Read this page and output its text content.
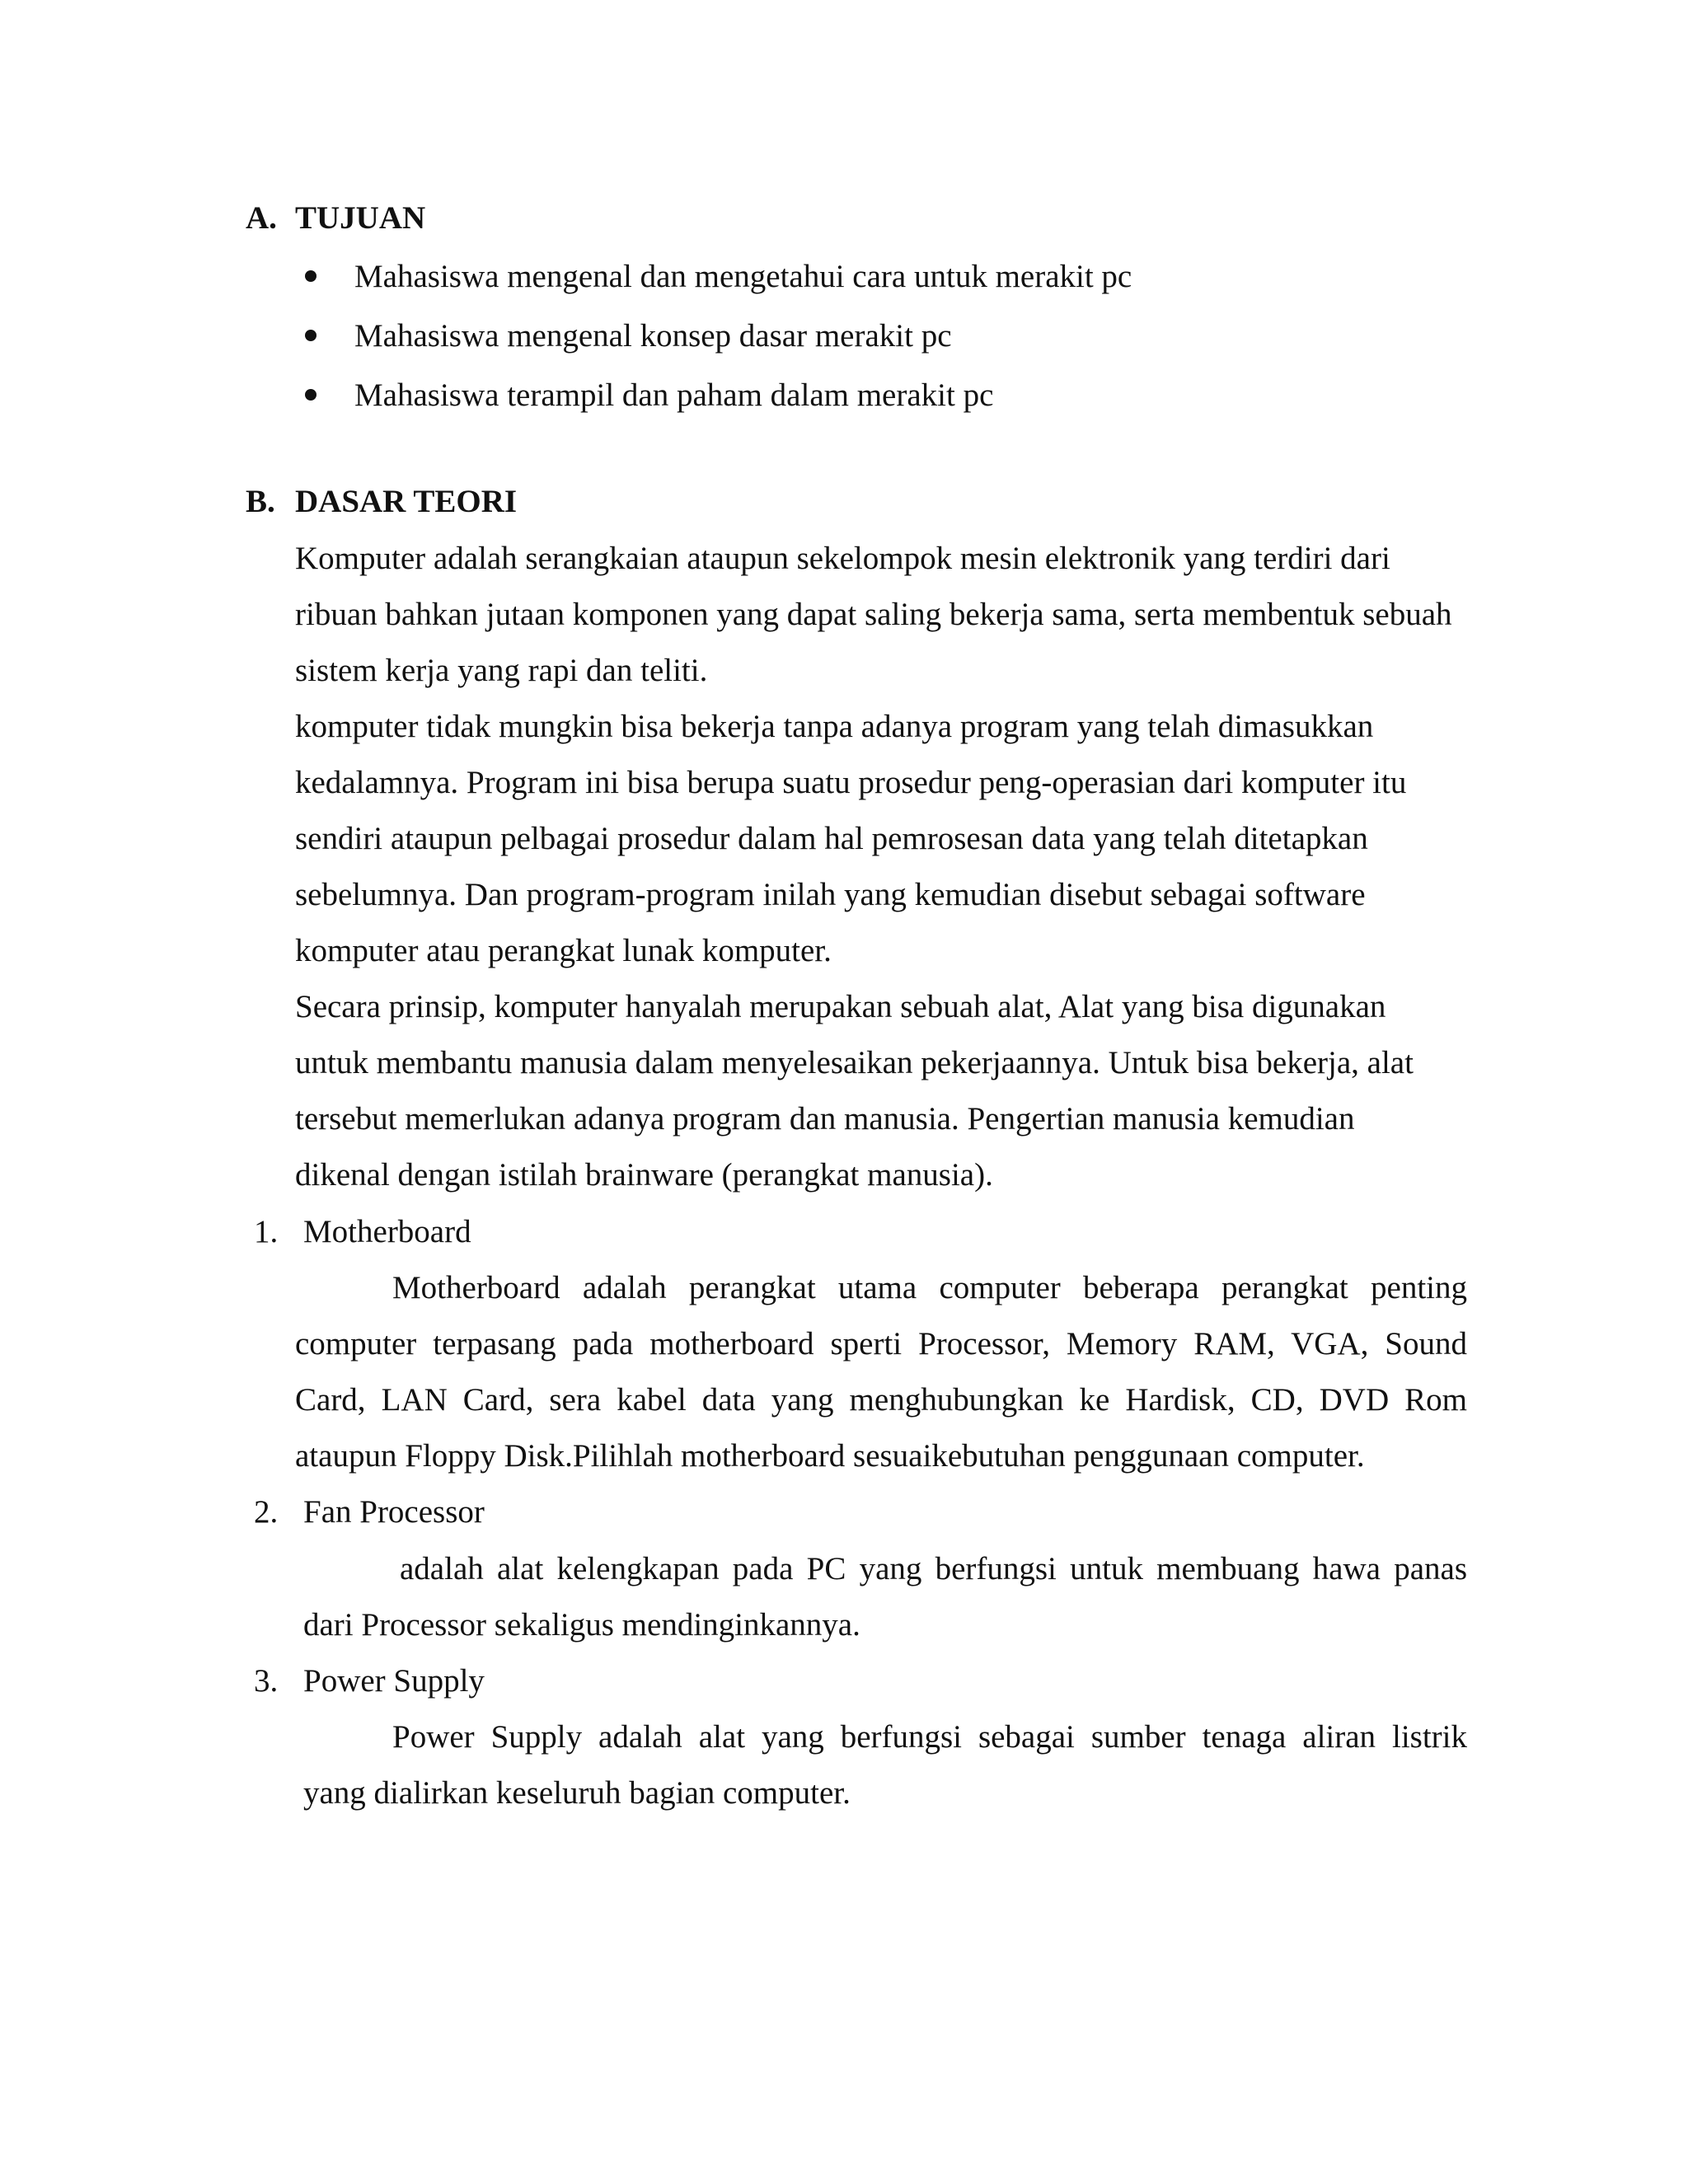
A. TUJUAN
Mahasiswa mengenal dan mengetahui cara untuk merakit pc
Mahasiswa mengenal konsep dasar merakit pc
Mahasiswa terampil dan paham dalam merakit pc
B. DASAR TEORI
Komputer adalah serangkaian ataupun sekelompok mesin elektronik yang terdiri dari
ribuan bahkan jutaan komponen yang dapat saling bekerja sama, serta membentuk sebuah
sistem kerja yang rapi dan teliti.
komputer tidak mungkin bisa bekerja tanpa adanya program yang telah dimasukkan
kedalamnya. Program ini bisa berupa suatu prosedur peng-operasian dari komputer itu
sendiri ataupun pelbagai prosedur dalam hal pemrosesan data yang telah ditetapkan
sebelumnya. Dan program-program inilah yang kemudian disebut sebagai software
komputer atau perangkat lunak komputer.
Secara prinsip, komputer hanyalah merupakan sebuah alat, Alat yang bisa digunakan
untuk membantu manusia dalam menyelesaikan pekerjaannya. Untuk bisa bekerja, alat
tersebut memerlukan adanya program dan manusia. Pengertian manusia kemudian
dikenal dengan istilah brainware (perangkat manusia).
1. Motherboard
Motherboard adalah perangkat utama computer beberapa perangkat penting
computer terpasang pada motherboard sperti Processor, Memory RAM, VGA, Sound
Card, LAN Card, sera kabel data yang menghubungkan ke Hardisk, CD, DVD Rom
ataupun Floppy Disk.Pilihlah motherboard sesuaikebutuhan penggunaan computer.
2. Fan Processor
adalah alat kelengkapan pada PC yang berfungsi untuk membuang hawa panas
dari Processor sekaligus mendinginkannya.
3. Power Supply
Power Supply adalah alat yang berfungsi sebagai sumber tenaga aliran listrik
yang dialirkan keseluruh bagian computer.
